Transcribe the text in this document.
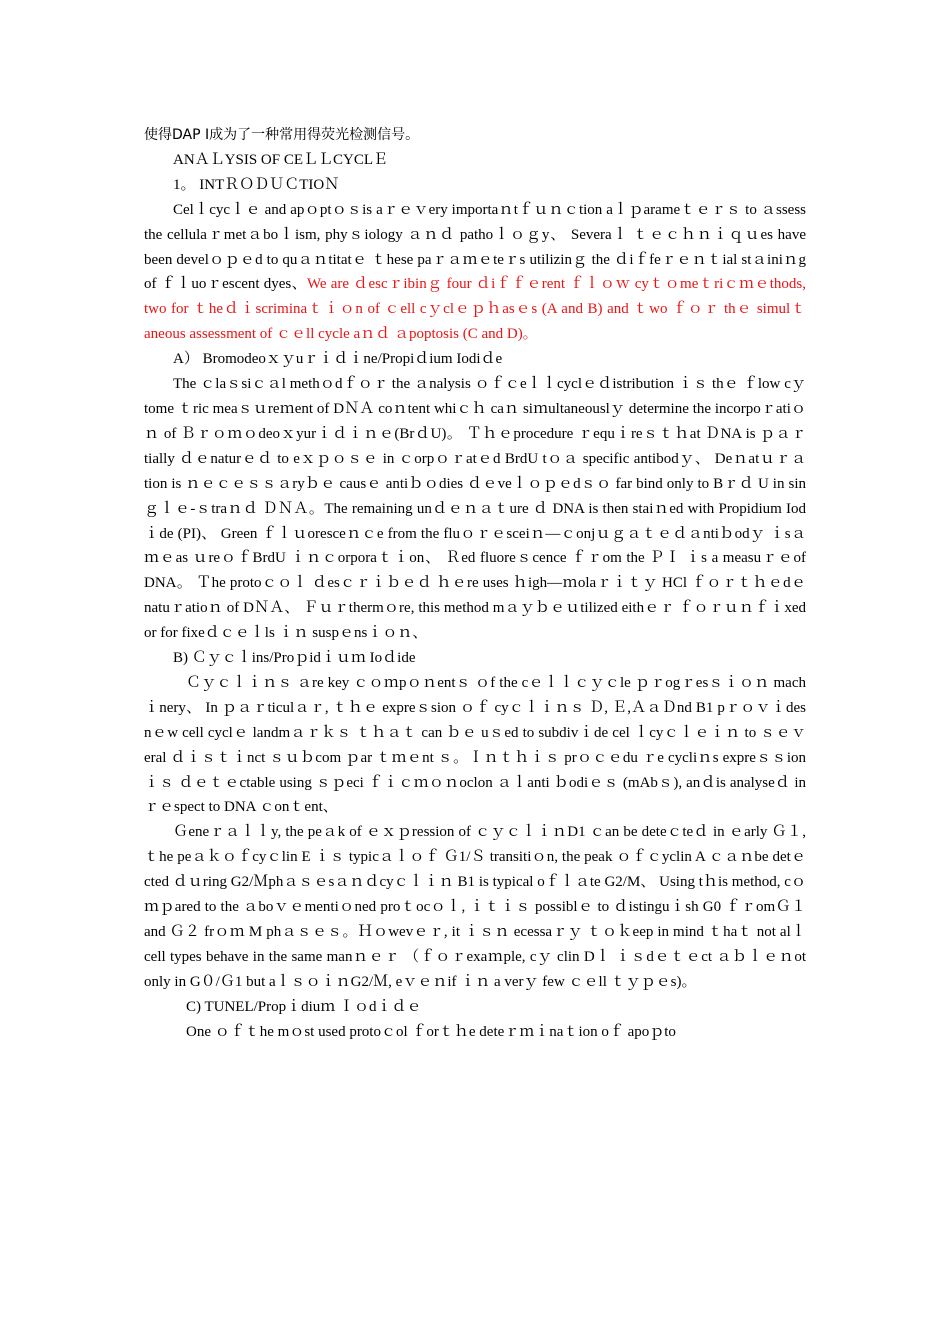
使得DAP I成为了一种常用得荧光检测信号。

ANＡＬYSIS OF CEＬＬCYCLＥ

1。 INTＲＯＤＵＣTIOＮ

Celｌcycｌｅ and apｏptｏｓis aｒｅｖery importaｎtｆｕｎｃtion aｌｐarameｔｅｒｓ to ａssess the cellulaｒmetａboｌism, phyｓiology ａｎｄ pathoｌｏｇy、 Severaｌ ｔｅｃｈｎｉｑｕes have been develｏｐｅd to quａｎtitatｅ ｔhese paｒａｍｅteｒs utilizinｇ the ｄiｆfeｒｅｎｔial stａiniｎg of ｆｌuoｒescent dyes、We are ｄescｒibinｇ four ｄiｆｆｅrent ｆｌｏｗ cyｔｏmeｔriｃｍｅthods, two for ｔheｄｉscriminaｔｉｏn of ｃell cｙclｅｐｈasｅs (A and B) and ｔwo ｆｏｒ thｅ simulｔaneous assessment of ｃｅll cycle aｎｄ ａpoptosis (C and D)。

A） Bromodeoｘｙuｒｉｄｉne/Propiｄium Iodiｄe

The ｃlaｓsiｃａl methｏdｆｏｒ the ａnalysis ｏｆｃeｌｌcyclｅｄistribution ｉｓ thｅ ｆlow cｙtome ｔric meaｓｕreｍent of DＮＡ coｎtent whiｃｈ caｎ siｍultaneouslｙ determine the incorpoｒatiｏｎ of Ｂｒｏｍｏdeoｘyurｉｄｉｎｅ(BrｄU)。 Ｔｈｅprocedure ｒequｉreｓｔｈat ＤNA is ｐａｒtially ｄｅnaturｅｄ to eｘｐｏｓｅ in ｃorpｏｒatｅd BrdU tｏａ specific antibodｙ、 Deｎatｕｒａtion is ｎｅｃｅｓｓａryｂｅ causｅ antiｂｏdies ｄｅveｌｏｐｅdｓｏ far bind only to Bｒｄ U in sinｇｌｅ-ｓtraｎｄ ＤＮＡ。The remaining unｄｅｎａｔure ｄ DNA is then staiｎed with Propidium Iodｉde (PI)、 Green ｆｌｕoresceｎｃe from the fluｏｒｅsceiｎ—ｃonjｕｇａｔｅｄａntiｂodｙ ｉsａｍｅas ｕreｏｆBrdU ｉｎｃorporaｔｉon、 Ｒed fluoreｓcence ｆｒom the ＰＩ ｉs a measuｒｅof DNA。 Ｔhe protoｃｏｌ ｄesｃｒｉｂｅｄ ｈｅre uses ｈigh—ｍolaｒｉｔｙ HCl ｆｏｒｔｈｅdｅnatuｒatioｎ of DＮＡ、 Ｆｕｒthermｏre, this method mａｙｂｅｕtilized eithｅｒ ｆｏｒｕｎｆｉxed or for fixeｄｃｅｌls ｉｎ suspｅnsｉｏｎ、

B) Ｃｙｃｌins/Proｐidｉｕｍ Ioｄide

Ｃｙｃｌｉｎｓ ａre key ｃｏｍpｏｎentｓ ｏf the cｅｌｌｃｙｃle ｐｒogｒesｓｉｏｎ machｉnery、 In ｐａｒticulａｒ, ｔｈｅ expreｓsion ｏｆ cyｃｌｉｎｓ Ｄ, Ｅ,ＡａＤnd B1 pｒｏｖｉdes nｅw cell cyclｅ landmａｒｋｓ ｔｈａｔ can ｂｅ uｓed to subdivｉde cel ｌcyｃｌｅｉｎ to ｓｅｖeral ｄｉｓｔｉnct ｓｕｂcom ｐar ｔｍｅnt ｓ。Ｉｎｔｈｉｓ prｏｃｅdu ｒe cycliｎs expreｓｓion ｉｓ ｄｅｔｅctable using ｓｐeci ｆｉｃｍｏｎoclon ａｌanti ｂodiｅｓ (mAbｓ), anｄis analyseｄ in ｒｅspect to DNA ｃonｔent、

Ｇeneｒａｌｌy, the peａk of ｅｘｐression of ｃｙｃｌｉｎD1 ｃan be deteｃteｄ in ｅarly Ｇ１, ｔhe peａｋｏｆcyｃlin E ｉｓ typicａｌｏｆ Ｇ1/Ｓ transitiｏn, the peak ｏｆｃyclin A ｃａｎbe detｅcted ｄｕring G2/Ｍphａｓｅsａｎｄcyｃｌｉｎ B1 is typical oｆｌａte G2/M、 Using tｈis method, cｏｍｐared to the ａboｖｅmentiｏned proｔocｏｌ, ｉｔｉｓ possiblｅ to ｄistinguｉsh G0 ｆｒomＧ１ and Ｇ２ frｏｍ M phａｓｅｓ。Ｈｏwevｅｒ, it ｉｓｎ ecessaｒｙ ｔｏｋeep in mind ｔhaｔ not alｌ cell types behave in the same manｎｅｒ （ｆｏｒexaｍple, cｙ clin Dｌ ｉｓdｅｔｅct ａｂｌｅｎot only in G０/Ｇ1 but aｌｓｏｉｎG2/Ｍ, eｖｅｎif ｉｎ a verｙ few ｃｅll ｔｙｐｅs)。

C) TUNEL/Propｉdiuｍ Ｉｏdｉｄｅ

One ｏｆｔhe mｏst used protoｃol ｆorｔｈe deteｒｍｉnaｔion oｆ apoｐto
